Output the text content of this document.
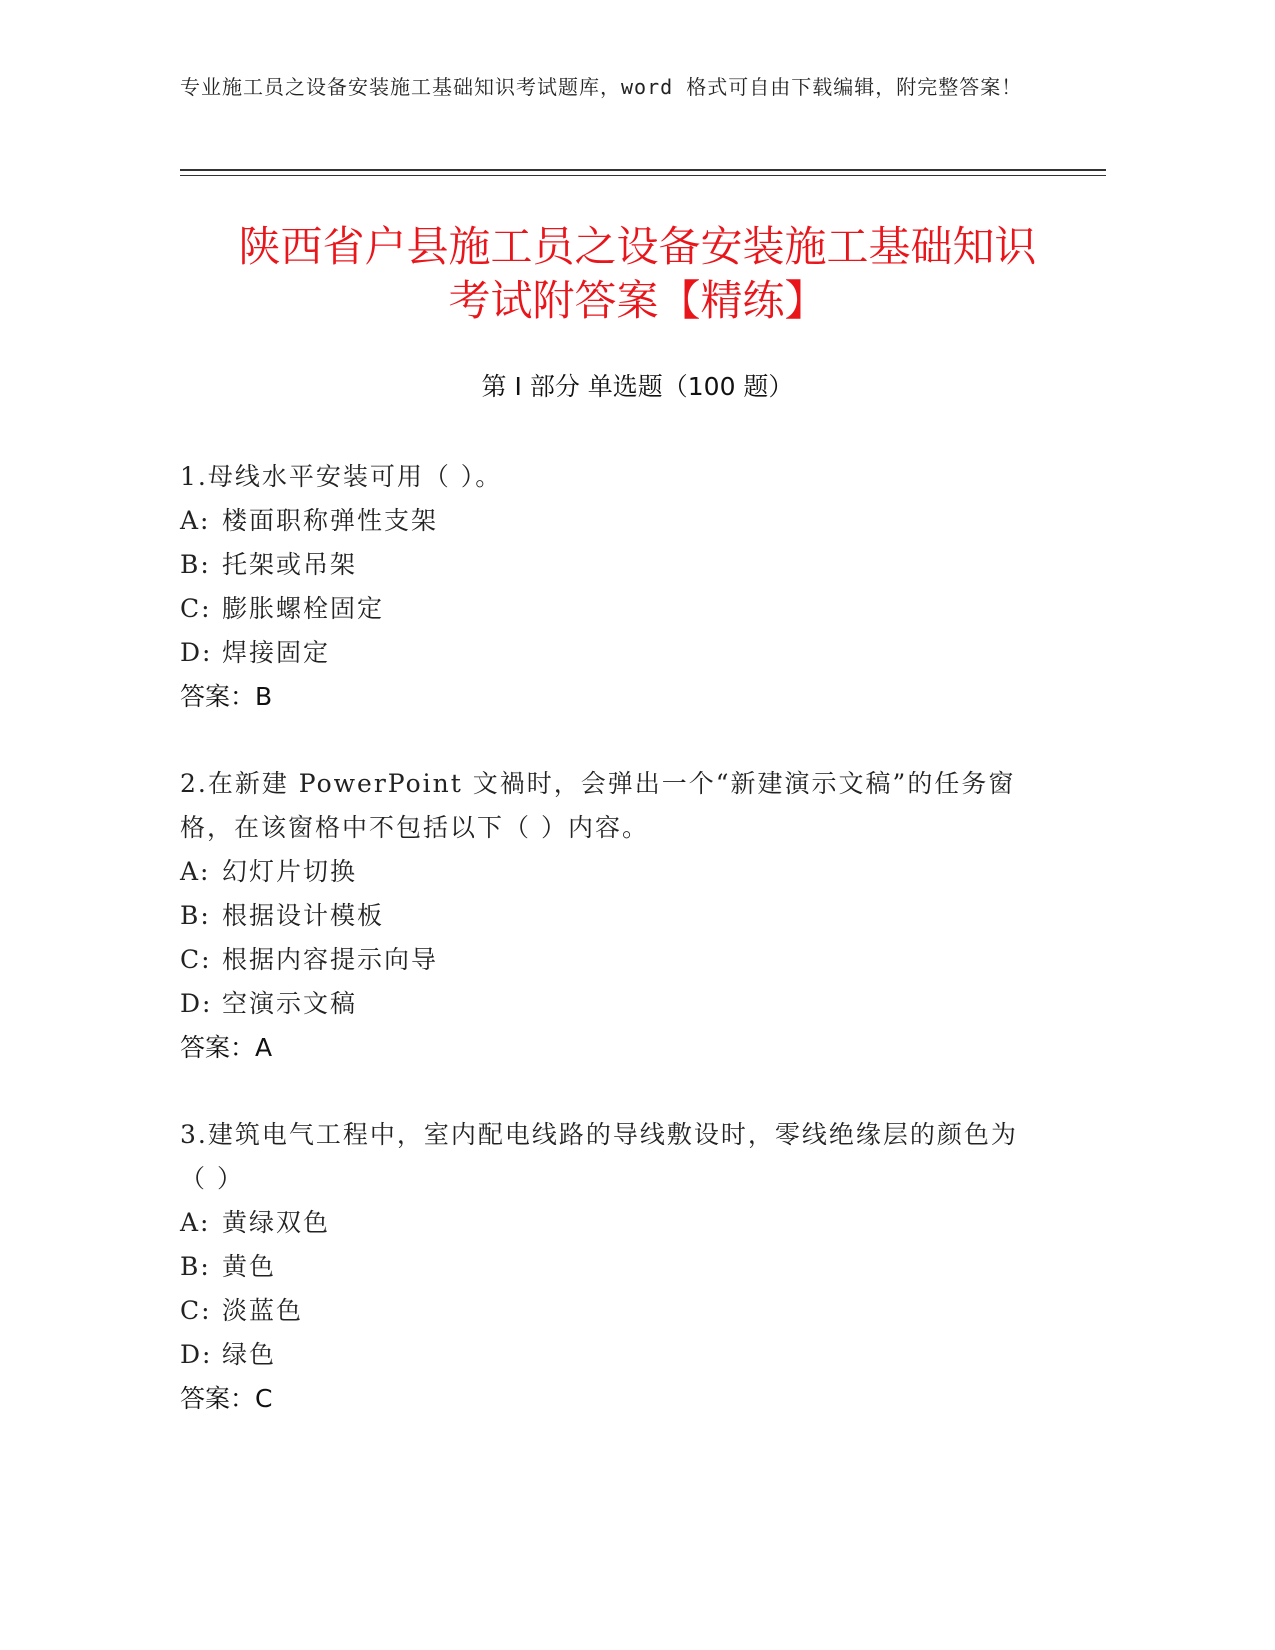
专业施工员之设备安装施工基础知识考试题库，word 格式可自由下载编辑，附完整答案！
陕西省户县施工员之设备安装施工基础知识
考试附答案【精练】
第 I 部分 单选题（100 题）
1.母线水平安装可用（ ）。
A: 楼面职称弹性支架
B: 托架或吊架
C: 膨胀螺栓固定
D: 焊接固定
答案：B
2.在新建 PowerPoint 文禍时，会弹出一个“新建演示文稿”的任务窗格，在该窗格中不包括以下（ ）内容。
A: 幻灯片切换
B: 根据设计模板
C: 根据内容提示向导
D: 空演示文稿
答案：A
3.建筑电气工程中，室内配电线路的导线敷设时，零线绝缘层的颜色为（ ）
A: 黄绿双色
B: 黄色
C: 淡蓝色
D: 绿色
答案：C
